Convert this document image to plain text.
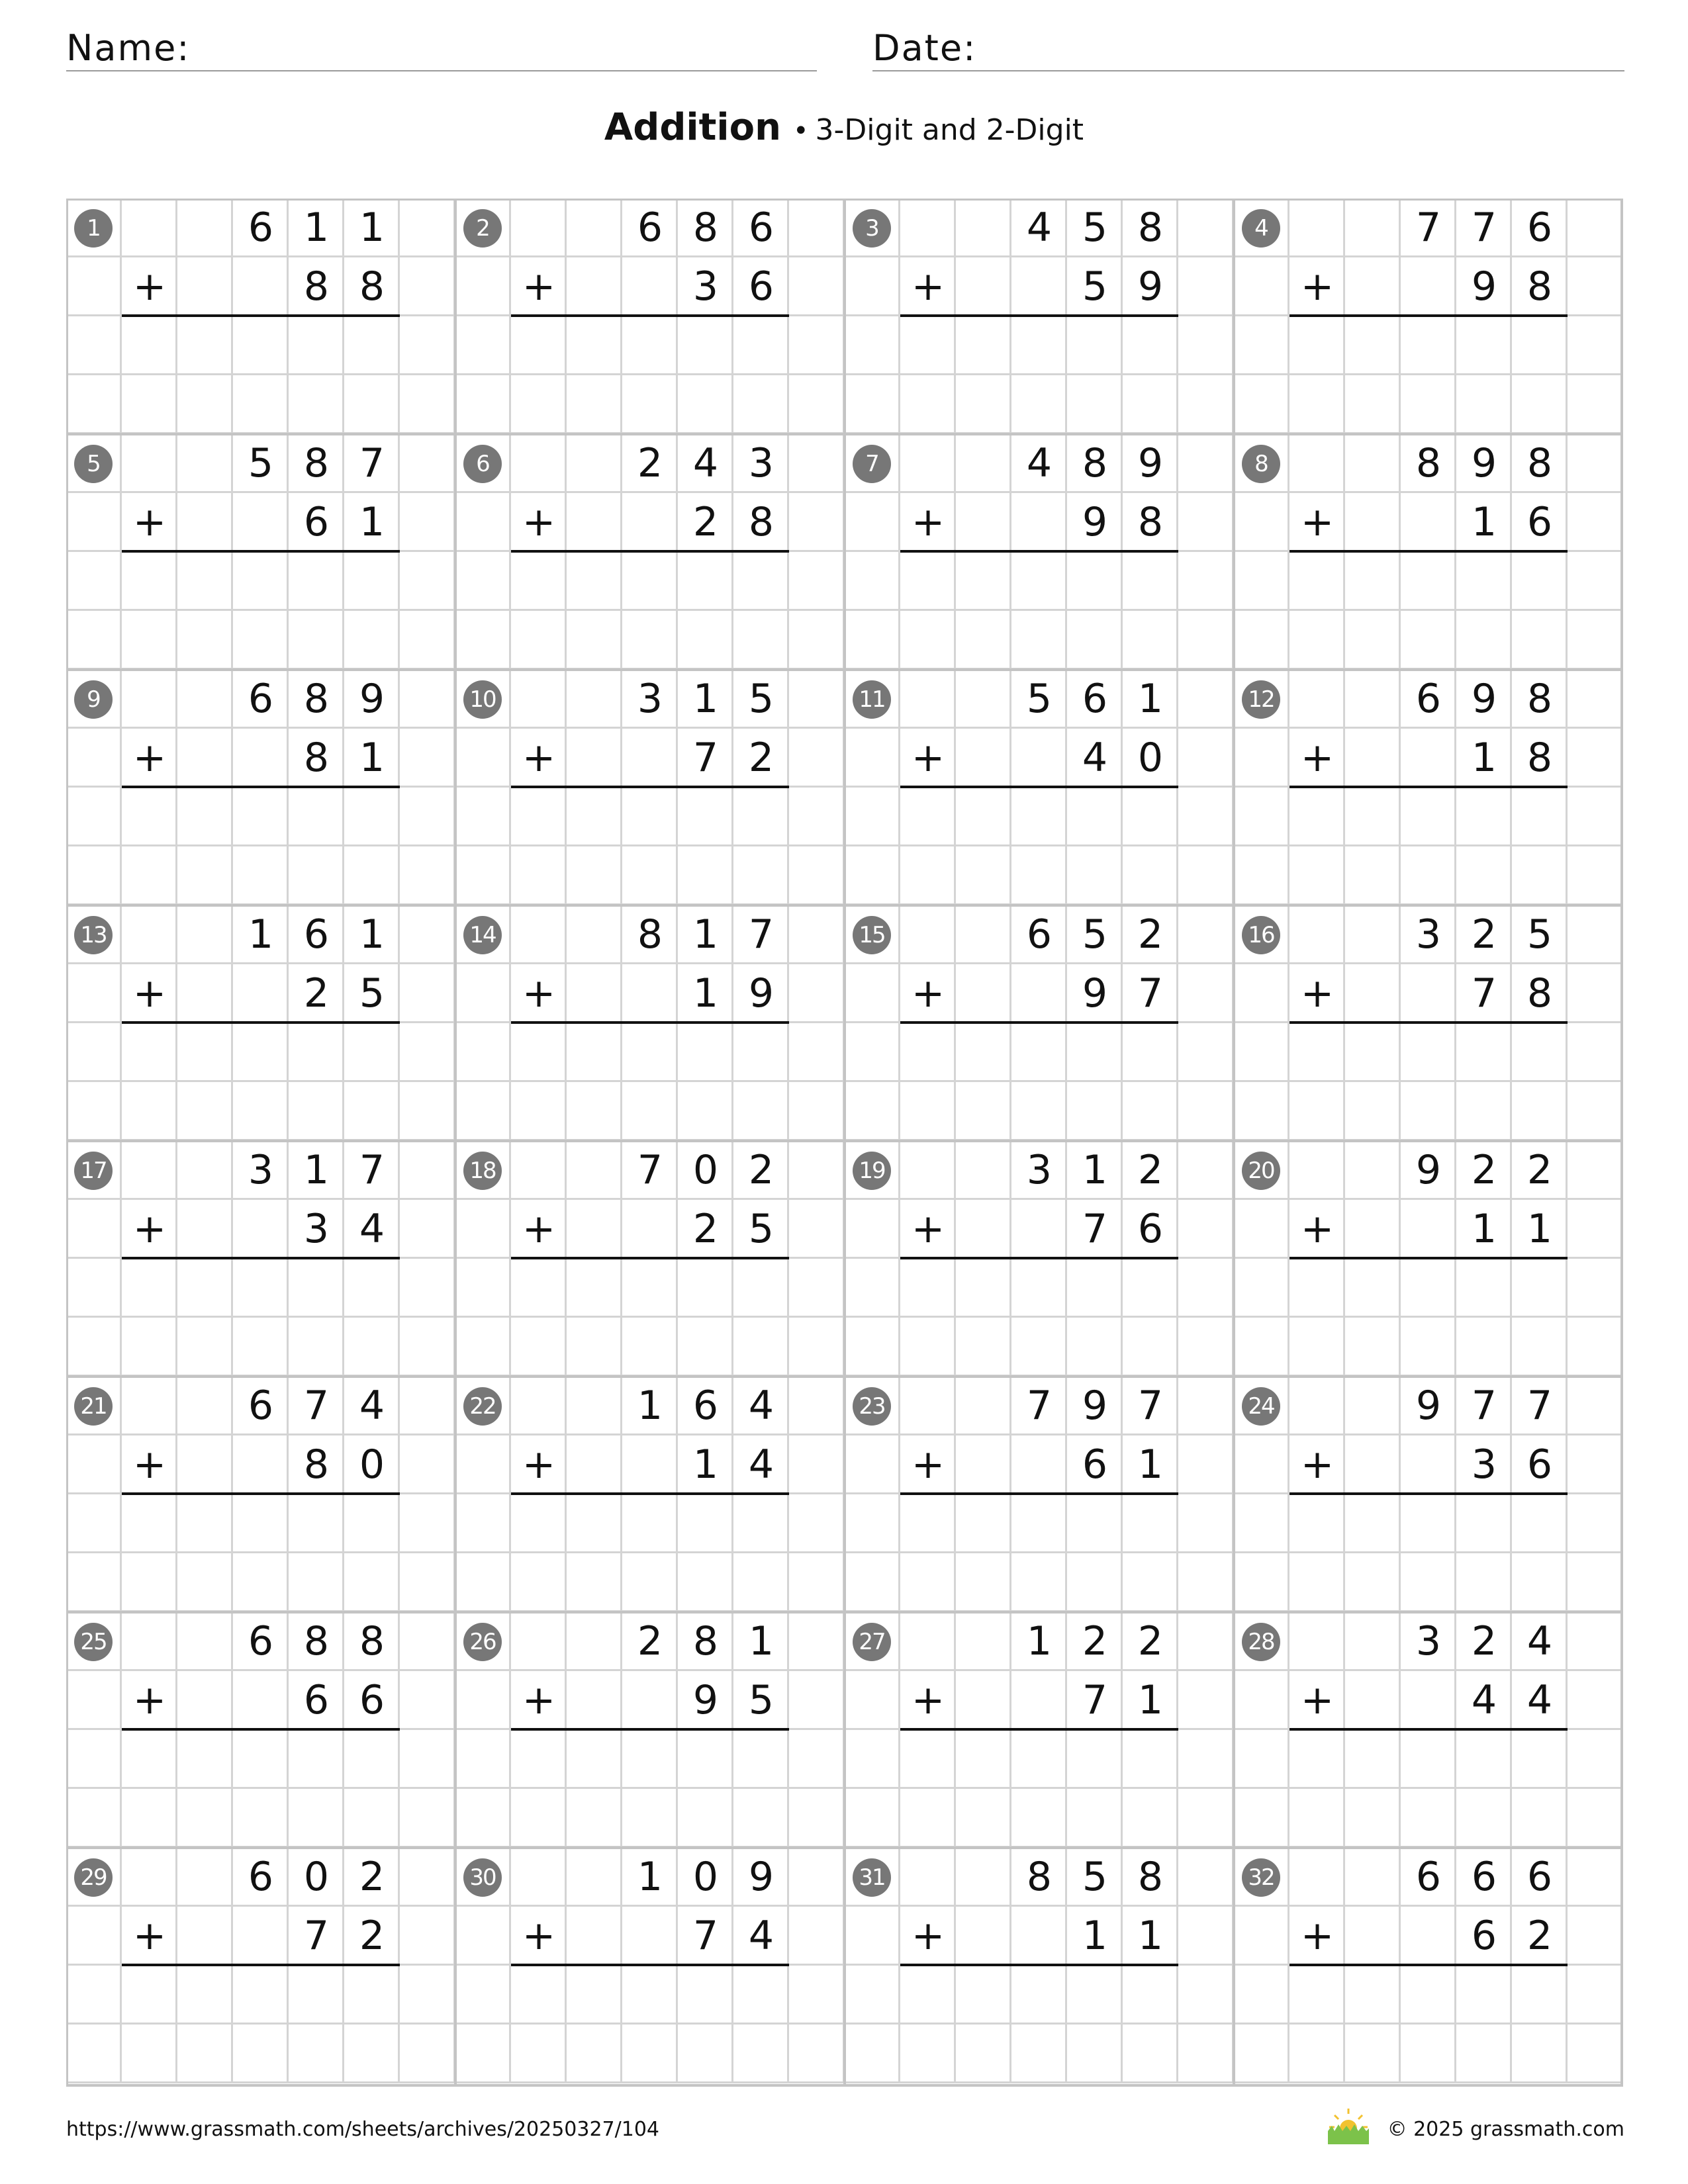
Name:	Date:
Addition • 3-Digit and 2-Digit
1	6 1 1
8 8
+
2	6 8 6
3 6
+
3	4 5 8
5 9
+
4	7 7 6
9 8
+
5	5 8 7
6 1
+
6	2 4 3
2 8
+
7	4 8 9
9 8
+
8	8 9 8
1 6
+
9	6 8 9
8 1
+
10	3 1 5
7 2
+
11	5 6 1
4 0
+
12	6 9 8
1 8
+
13	1 6 1
2 5
+
14	8 1 7
1 9
+
15	6 5 2
9 7
+
16	3 2 5
7 8
+
17	3 1 7
3 4
+
18	7 0 2
2 5
+
19	3 1 2
7 6
+
20	9 2 2
1 1
+
21	6 7 4
8 0
+
22	1 6 4
1 4
+
23	7 9 7
6 1
+
24	9 7 7
3 6
+
25	6 8 8
6 6
+
26	2 8 1
9 5
+
27	1 2 2
7 1
+
28	3 2 4
4 4
+
29	6 0 2
7 2
+
30	1 0 9
7 4
+
31	8 5 8
1 1
+
32	6 6 6
6 2
+
https://www.grassmath.com/sheets/archives/20250327/104	© 2025 grassmath.com
